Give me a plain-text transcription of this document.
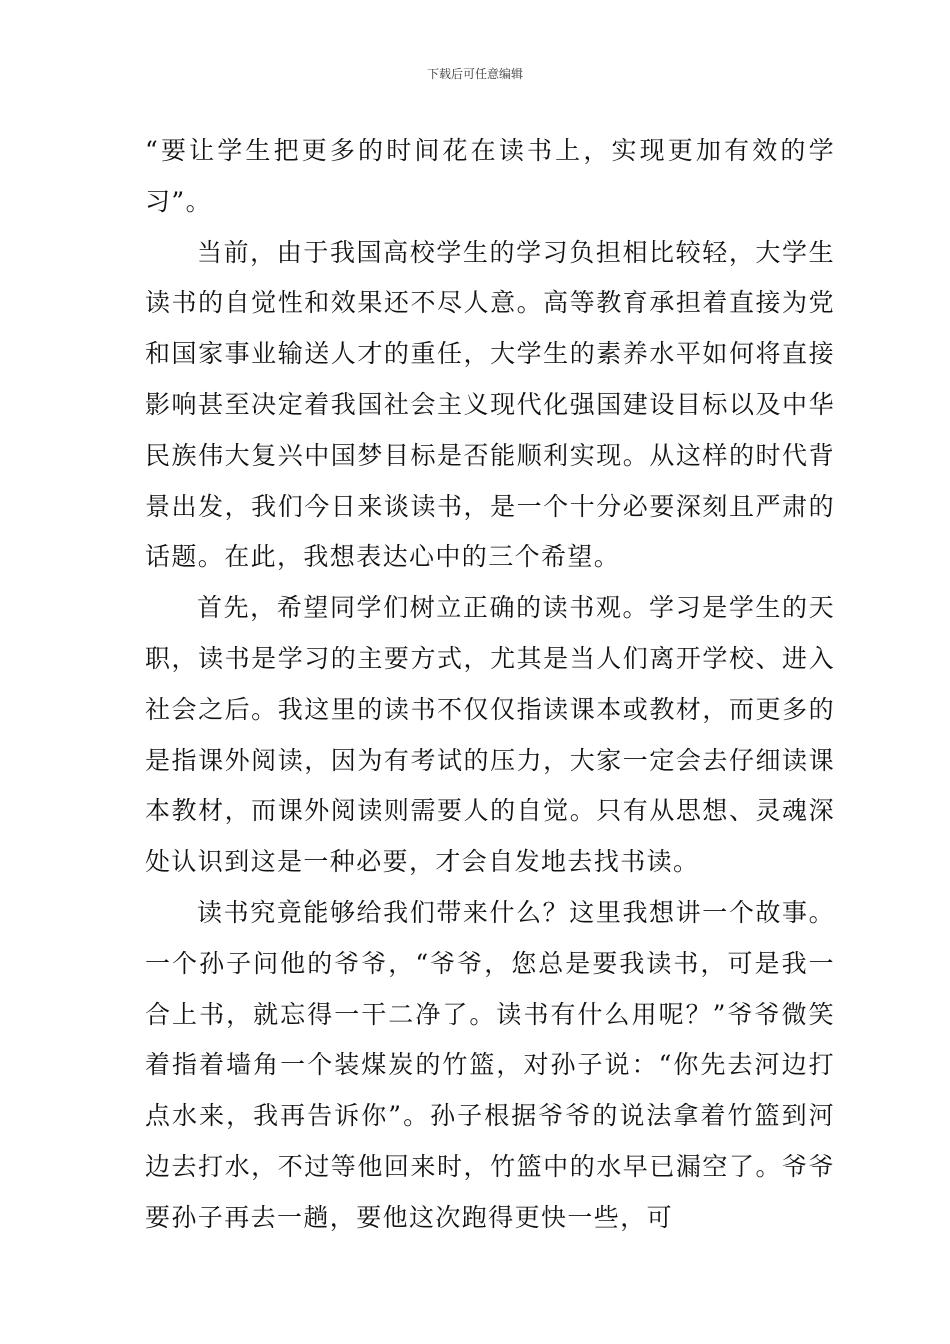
下载后可任意编辑

“要让学生把更多的时间花在读书上，实现更加有效的学习”。

当前，由于我国高校学生的学习负担相比较轻，大学生读书的自觉性和效果还不尽人意。高等教育承担着直接为党和国家事业输送人才的重任，大学生的素养水平如何将直接影响甚至决定着我国社会主义现代化强国建设目标以及中华民族伟大复兴中国梦目标是否能顺利实现。从这样的时代背景出发，我们今日来谈读书，是一个十分必要深刻且严肃的话题。在此，我想表达心中的三个希望。

首先，希望同学们树立正确的读书观。学习是学生的天职，读书是学习的主要方式，尤其是当人们离开学校、进入社会之后。我这里的读书不仅仅指读课本或教材，而更多的是指课外阅读，因为有考试的压力，大家一定会去仔细读课本教材，而课外阅读则需要人的自觉。只有从思想、灵魂深处认识到这是一种必要，才会自发地去找书读。

读书究竟能够给我们带来什么？这里我想讲一个故事。一个孙子问他的爷爷，“爷爷，您总是要我读书，可是我一合上书，就忘得一干二净了。读书有什么用呢？”爷爷微笑着指着墙角一个装煤炭的竹篮，对孙子说：“你先去河边打点水来，我再告诉你”。孙子根据爷爷的说法拿着竹篮到河边去打水，不过等他回来时，竹篮中的水早已漏空了。爷爷要孙子再去一趟，要他这次跑得更快一些，可
